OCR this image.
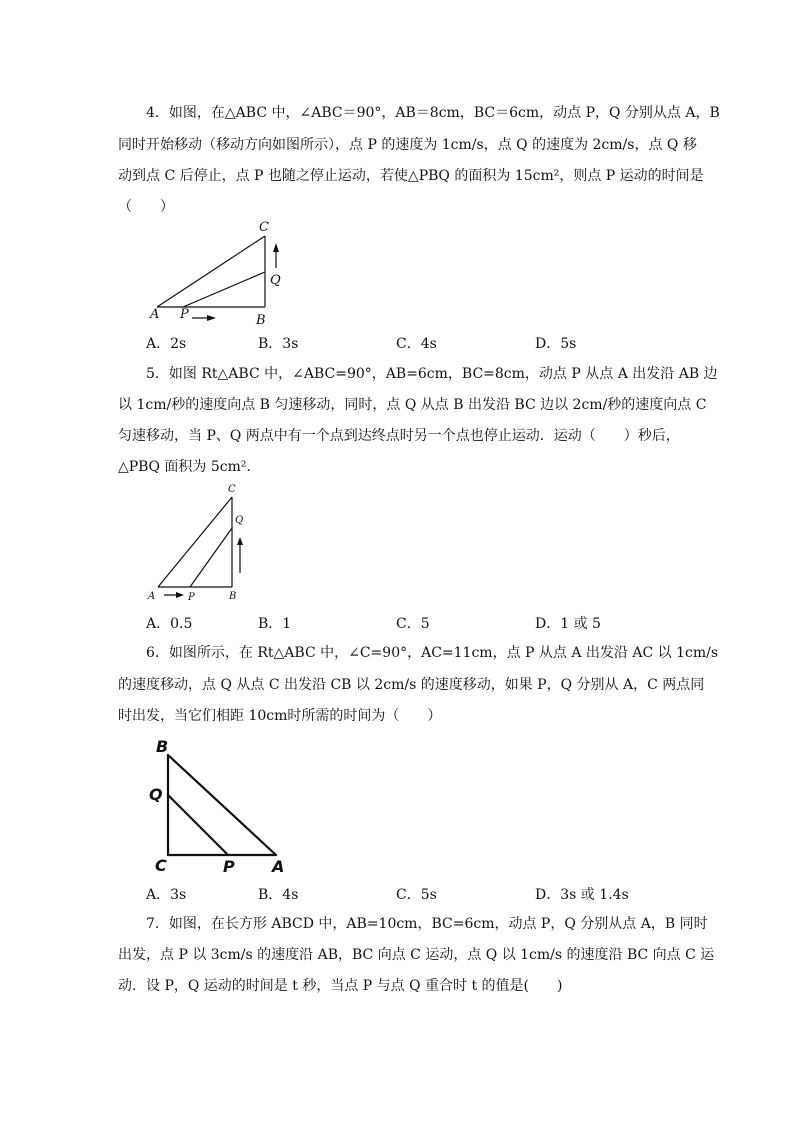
4．如图，在△ABC 中，∠ABC＝90°，AB＝8cm，BC＝6cm，动点 P，Q 分别从点 A，B
同时开始移动（移动方向如图所示），点 P 的速度为 1cm/s，点 Q 的速度为 2cm/s，点 Q 移
动到点 C 后停止，点 P 也随之停止运动，若使△PBQ 的面积为 15cm²，则点 P 运动的时间是
（　　）
C
Q
A P	B
A．2s	B．3s	C．4s	D．5s
5．如图 Rt△ABC 中，∠ABC=90°，AB=6cm，BC=8cm，动点 P 从点 A 出发沿 AB 边
以 1cm/秒的速度向点 B 匀速移动，同时，点 Q 从点 B 出发沿 BC 边以 2cm/秒的速度向点 C
匀速移动，当 P、Q 两点中有一个点到达终点时另一个点也停止运动．运动（　　）秒后，
△PBQ 面积为 5cm²．
C
Q
A	P	B
A．0.5	B．1	C．5	D．1 或 5
6．如图所示，在 Rt△ABC 中，∠C=90°，AC=11cm，点 P 从点 A 出发沿 AC 以 1cm/s
的速度移动，点 Q 从点 C 出发沿 CB 以 2cm/s 的速度移动，如果 P，Q 分别从 A，C 两点同
时出发，当它们相距 10cm时所需的时间为（　　）
B
Q
C	P A
A．3s	B．4s	C．5s	D．3s 或 1.4s
7．如图，在长方形 ABCD 中，AB=10cm，BC=6cm，动点 P，Q 分别从点 A，B 同时
出发，点 P 以 3cm/s 的速度沿 AB，BC 向点 C 运动，点 Q 以 1cm/s 的速度沿 BC 向点 C 运
动．设 P，Q 运动的时间是 t 秒，当点 P 与点 Q 重合时 t 的值是(　　)
